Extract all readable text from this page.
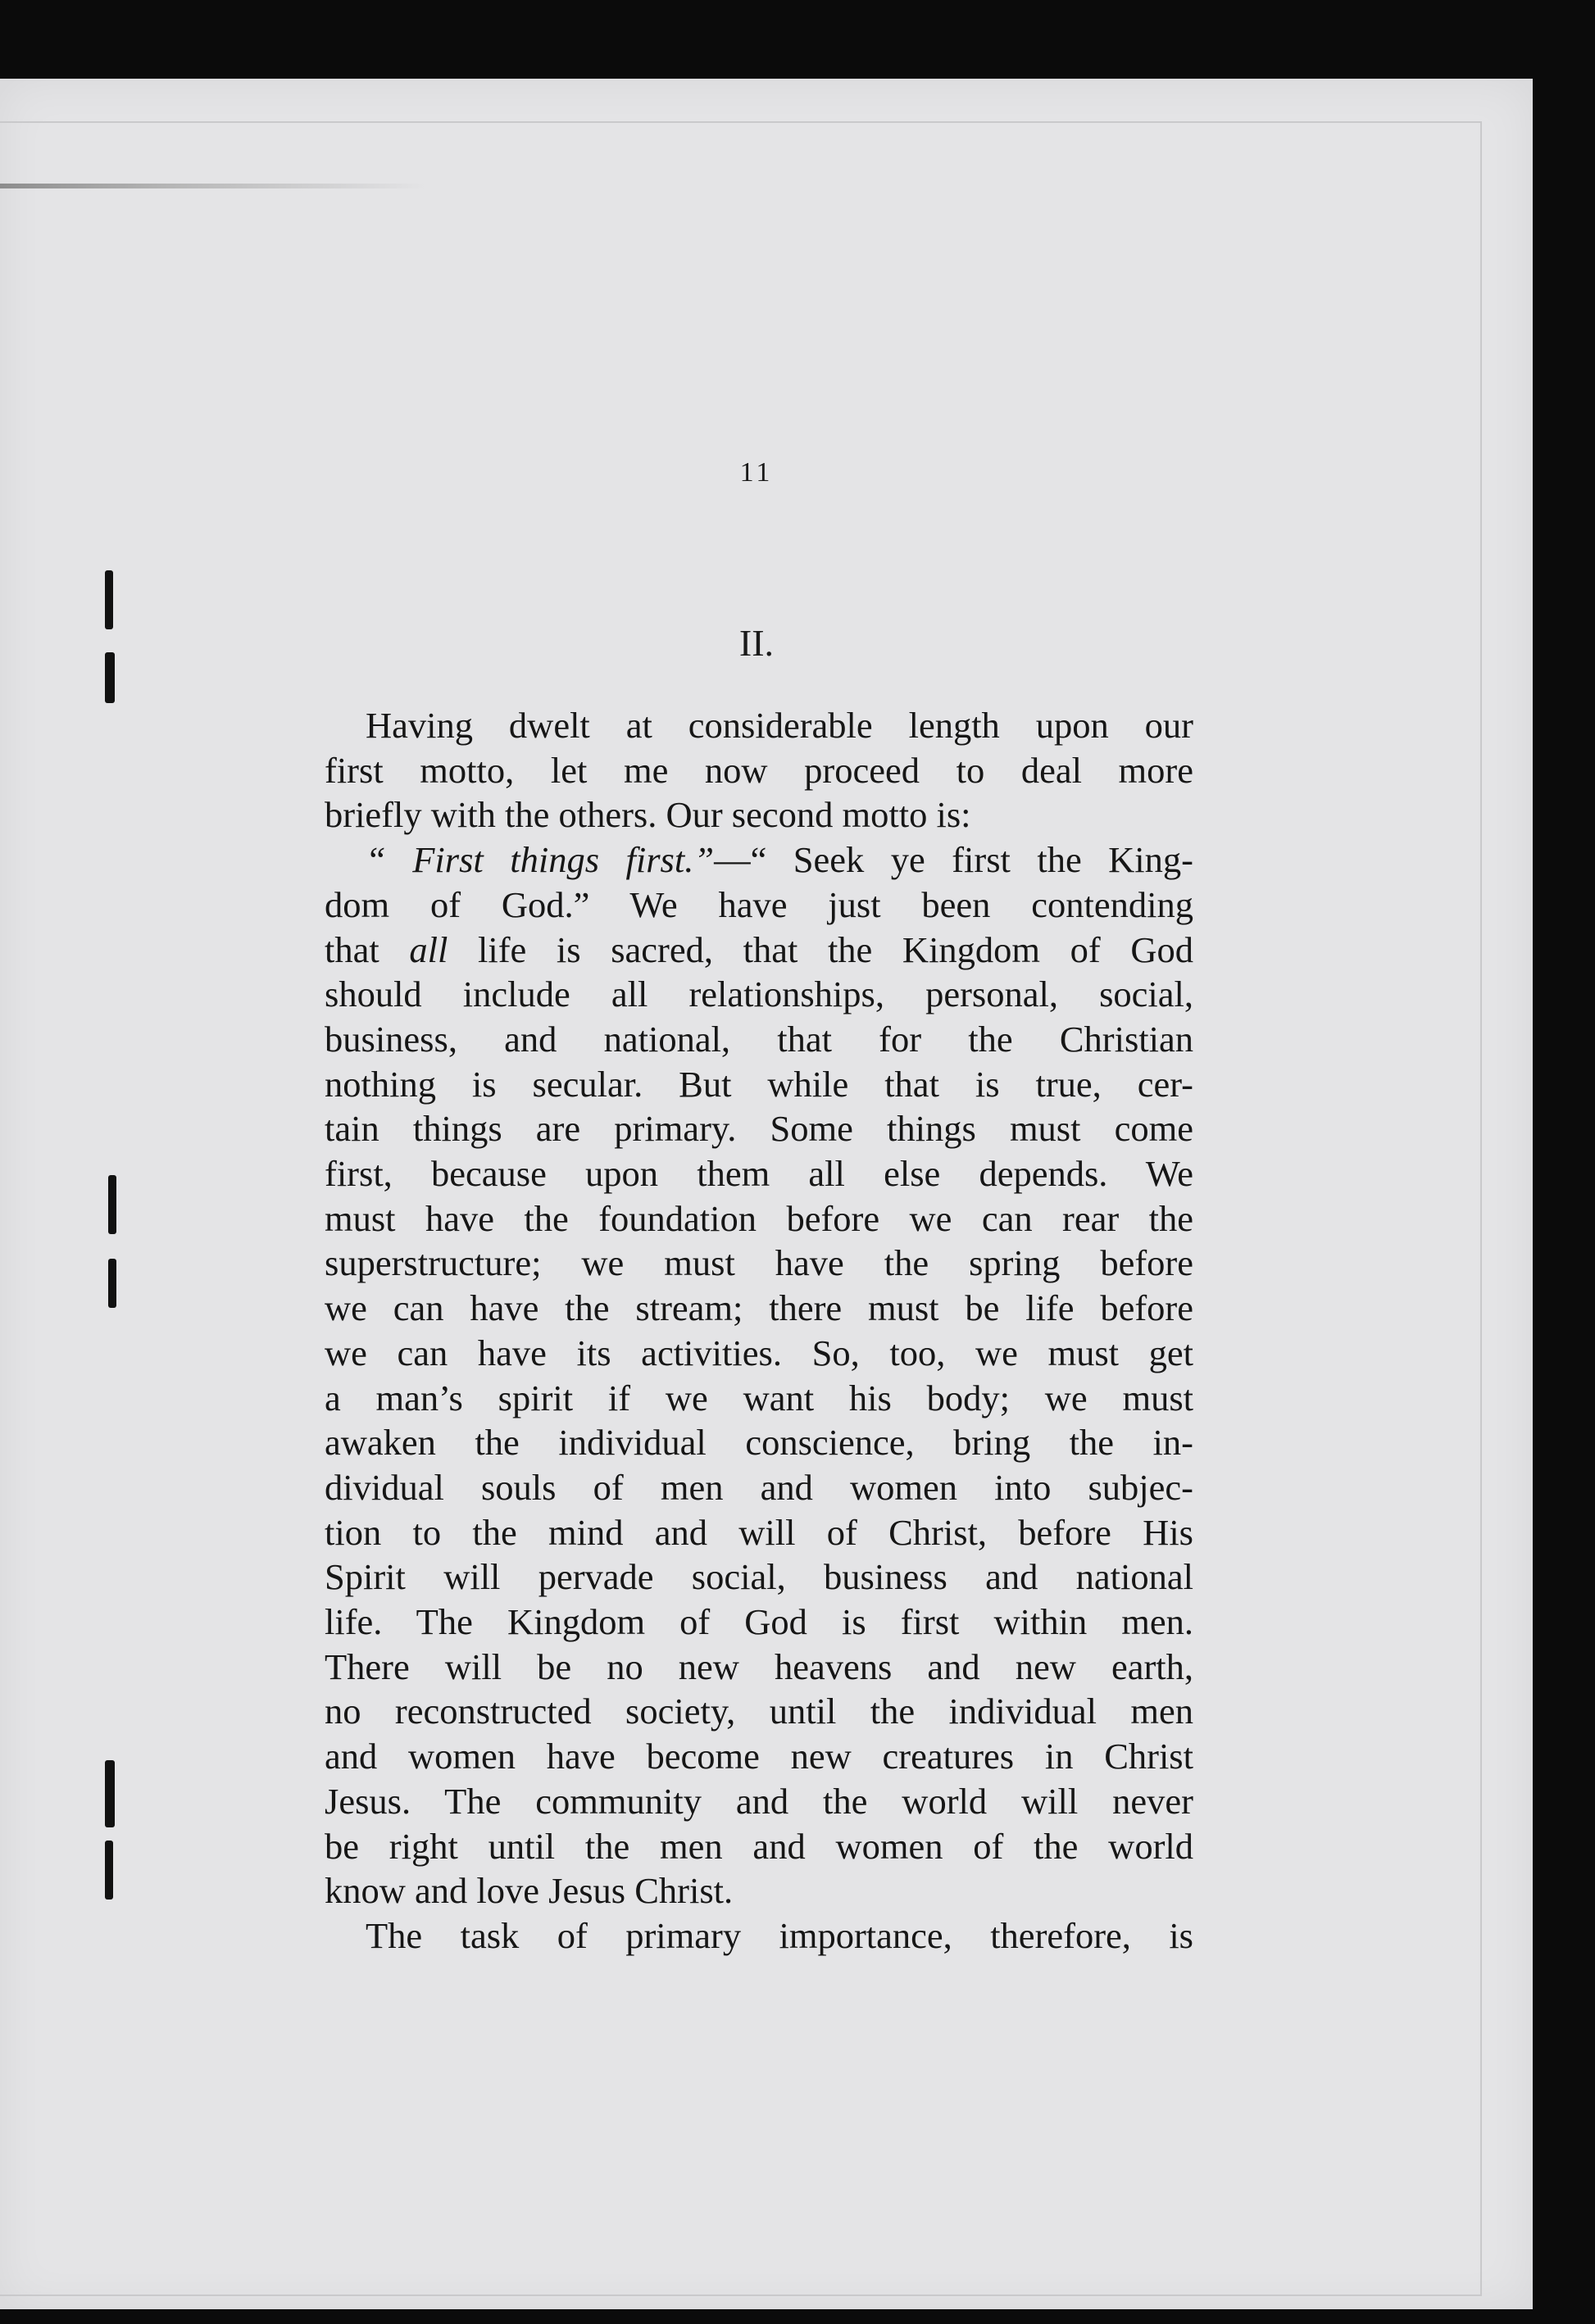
11
II.
Having dwelt at considerable length upon our
first motto, let me now proceed to deal more
briefly with the others. Our second motto is:
“ First things first.”—“ Seek ye first the King-
dom of God.” We have just been contending
that all life is sacred, that the Kingdom of God
should include all relationships, personal, social,
business, and national, that for the Christian
nothing is secular. But while that is true, cer-
tain things are primary. Some things must come
first, because upon them all else depends. We
must have the foundation before we can rear the
superstructure; we must have the spring before
we can have the stream; there must be life before
we can have its activities. So, too, we must get
a man’s spirit if we want his body; we must
awaken the individual conscience, bring the in-
dividual souls of men and women into subjec-
tion to the mind and will of Christ, before His
Spirit will pervade social, business and national
life. The Kingdom of God is first within men.
There will be no new heavens and new earth,
no reconstructed society, until the individual men
and women have become new creatures in Christ
Jesus. The community and the world will never
be right until the men and women of the world
know and love Jesus Christ.
The task of primary importance, therefore, is
